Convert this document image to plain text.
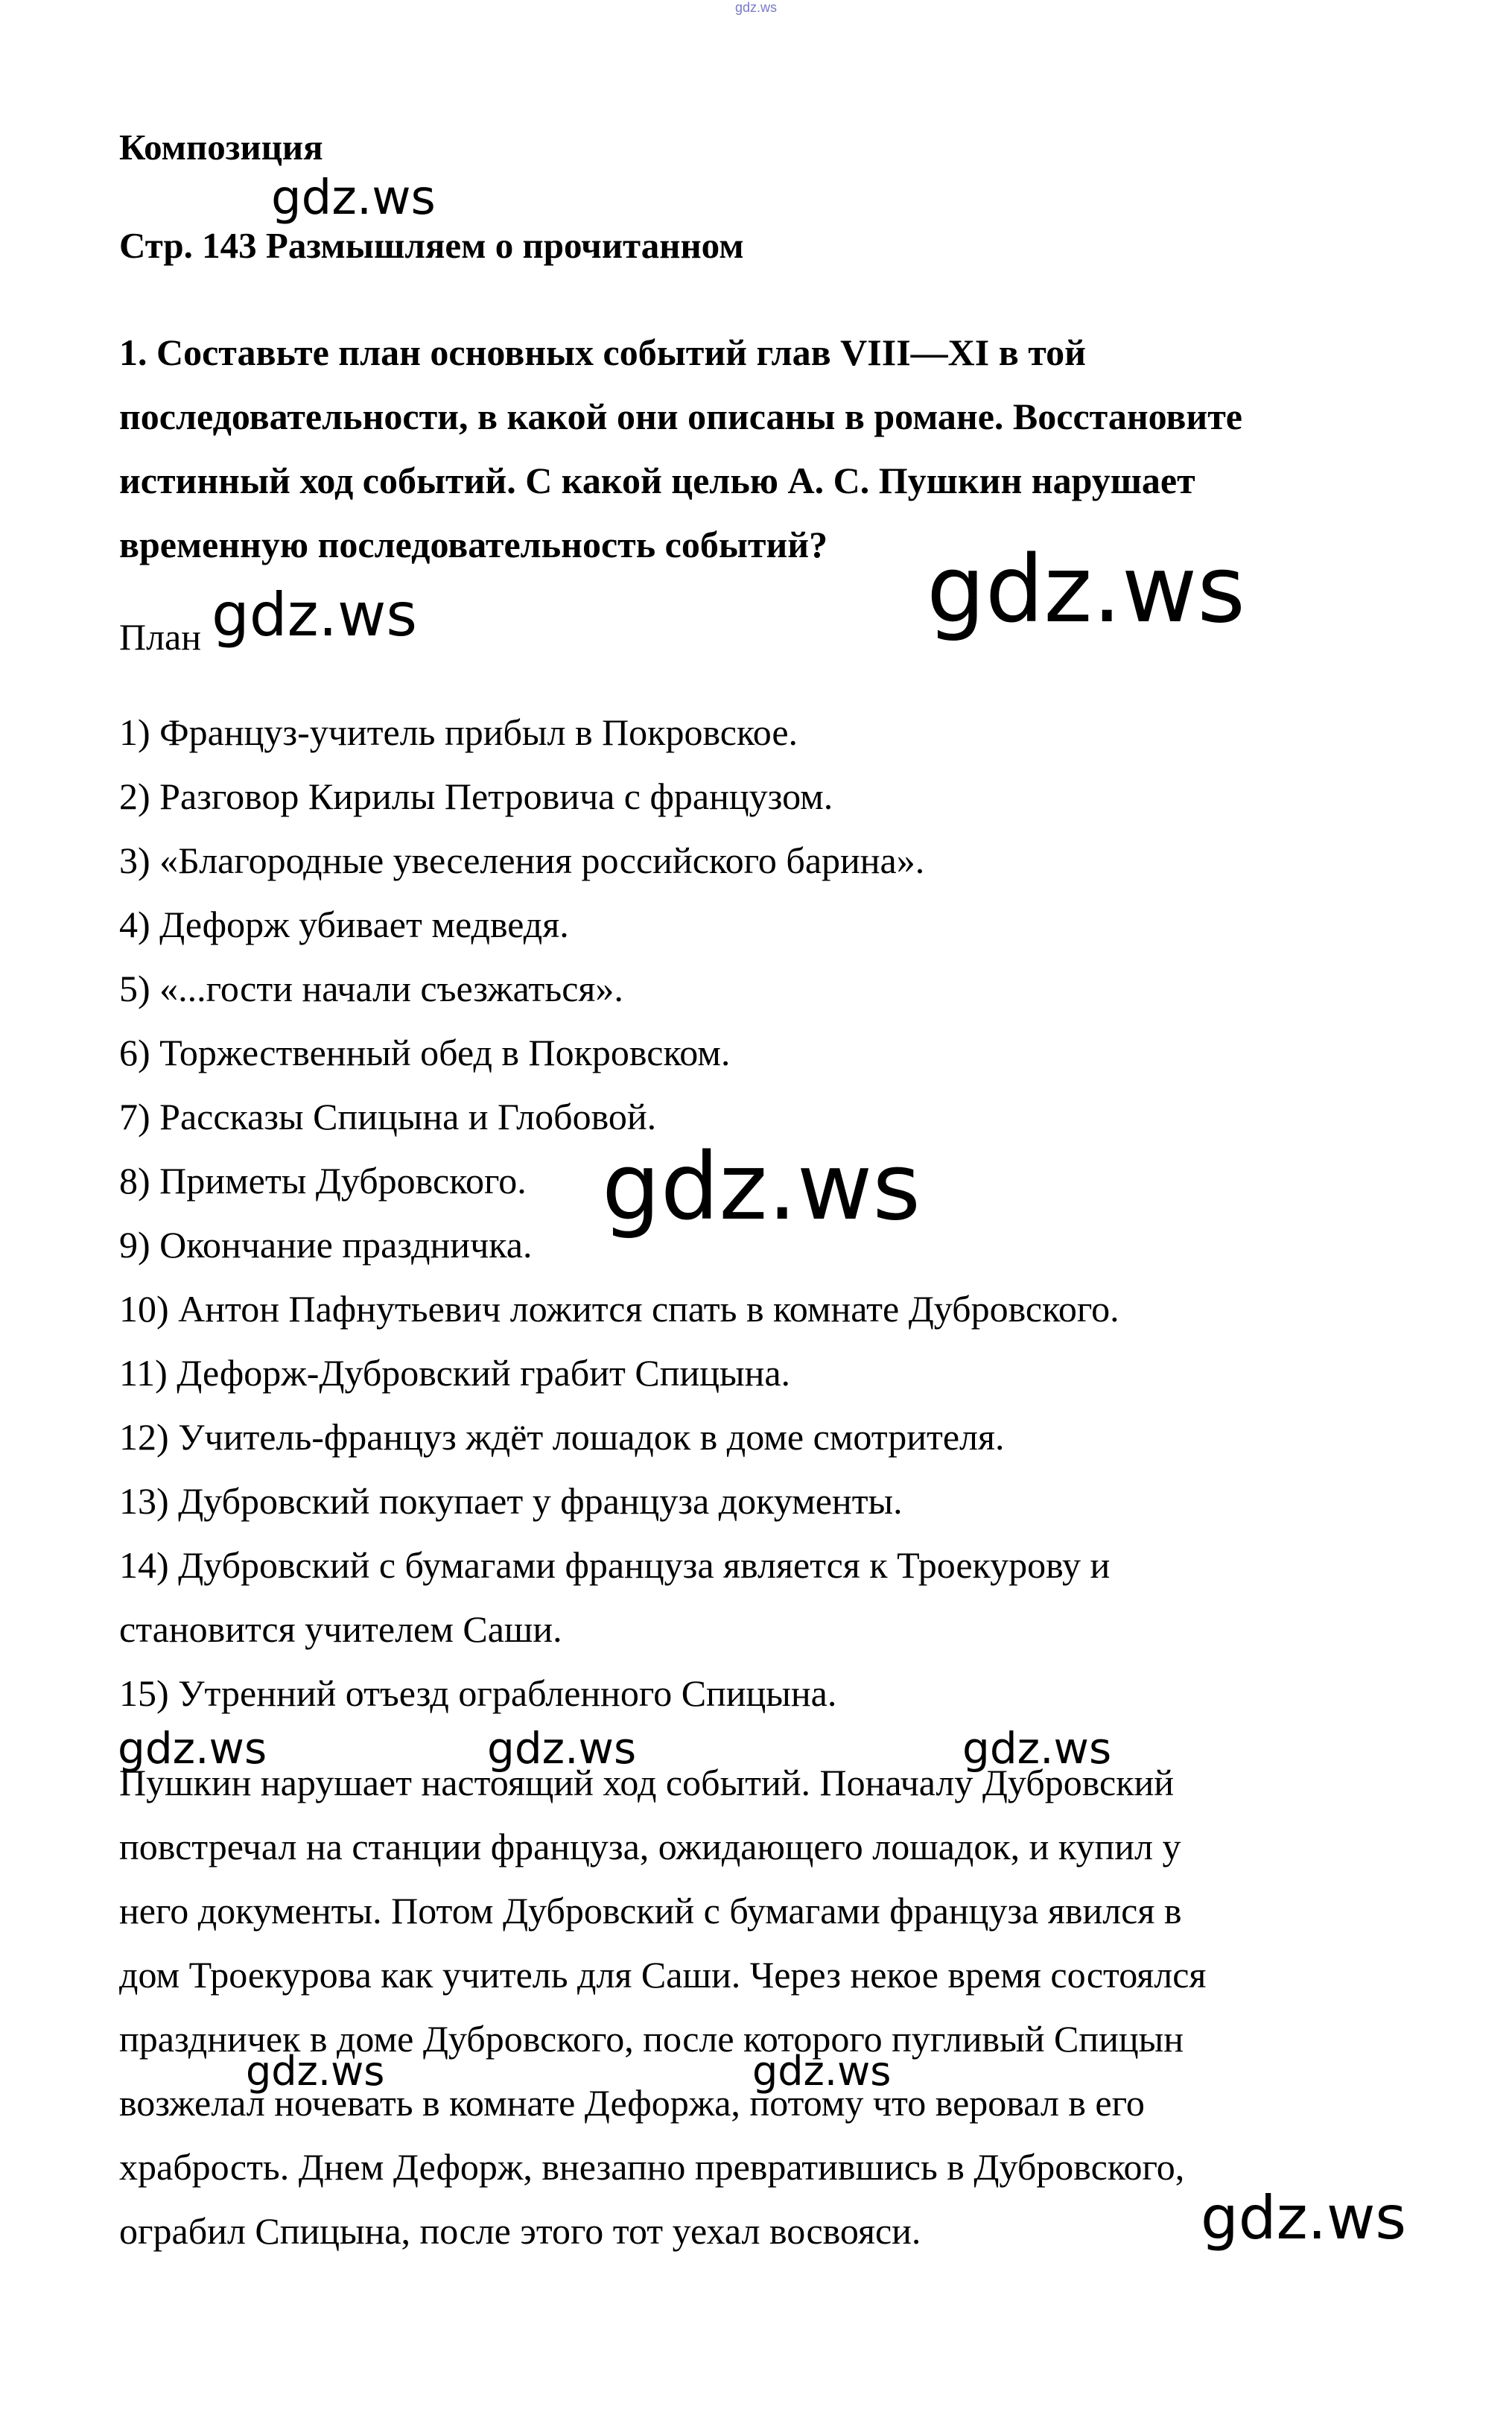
gdz.ws
Композиция
Стр. 143 Размышляем о прочитанном
1. Составьте план основных событий глав VIII—XI в той
последовательности, в какой они описаны в романе. Восстановите
истинный ход событий. С какой целью А. С. Пушкин нарушает
временную последовательность событий?
План
1) Француз-учитель прибыл в Покровское.
2) Разговор Кирилы Петровича с французом.
3) «Благородные увеселения российского барина».
4) Дефорж убивает медведя.
5) «...гости начали съезжаться».
6) Торжественный обед в Покровском.
7) Рассказы Спицына и Глобовой.
8) Приметы Дубровского.
9) Окончание праздничка.
10) Антон Пафнутьевич ложится спать в комнате Дубровского.
11) Дефорж-Дубровский грабит Спицына.
12) Учитель-француз ждёт лошадок в доме смотрителя.
13) Дубровский покупает у француза документы.
14) Дубровский с бумагами француза является к Троекурову и
становится учителем Саши.
15) Утренний отъезд ограбленного Спицына.
Пушкин нарушает настоящий ход событий. Поначалу Дубровский
повстречал на станции француза, ожидающего лошадок, и купил у
него документы. Потом Дубровский с бумагами француза явился в
дом Троекурова как учитель для Саши. Через некое время состоялся
праздничек в доме Дубровского, после которого пугливый Спицын
возжелал ночевать в комнате Дефоржа, потому что веровал в его
храбрость. Днем Дефорж, внезапно превратившись в Дубровского,
ограбил Спицына, после этого тот уехал восвояси.
gdz.ws
gdz.ws	gdz.ws
gdz.ws
gdz.ws	gdz.ws	gdz.ws
gdz.ws	gdz.ws
gdz.ws
